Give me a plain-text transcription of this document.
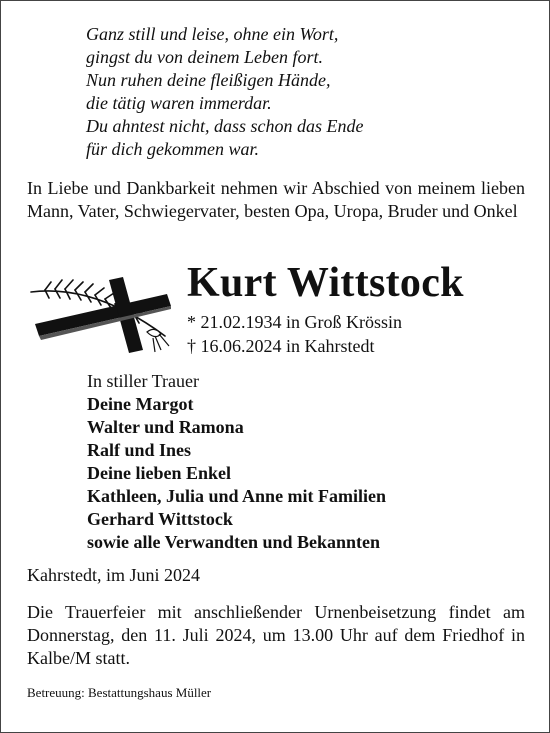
Ganz still und leise, ohne ein Wort,
gingst du von deinem Leben fort.
Nun ruhen deine fleißigen Hände,
die tätig waren immerdar.
Du ahntest nicht, dass schon das Ende
für dich gekommen war.
In Liebe und Dankbarkeit nehmen wir Abschied von meinem lieben Mann, Vater, Schwiegervater, besten Opa, Uropa, Bruder und Onkel
Kurt Wittstock
* 21.02.1934 in Groß Krössin
† 16.06.2024 in Kahrstedt
In stiller Trauer
Deine Margot
Walter und Ramona
Ralf und Ines
Deine lieben Enkel
Kathleen, Julia und Anne mit Familien
Gerhard Wittstock
sowie alle Verwandten und Bekannten
Kahrstedt, im Juni 2024
Die Trauerfeier mit anschließender Urnenbeisetzung findet am Donnerstag, den 11. Juli 2024, um 13.00 Uhr auf dem Friedhof in Kalbe/M statt.
Betreuung: Bestattungshaus Müller
